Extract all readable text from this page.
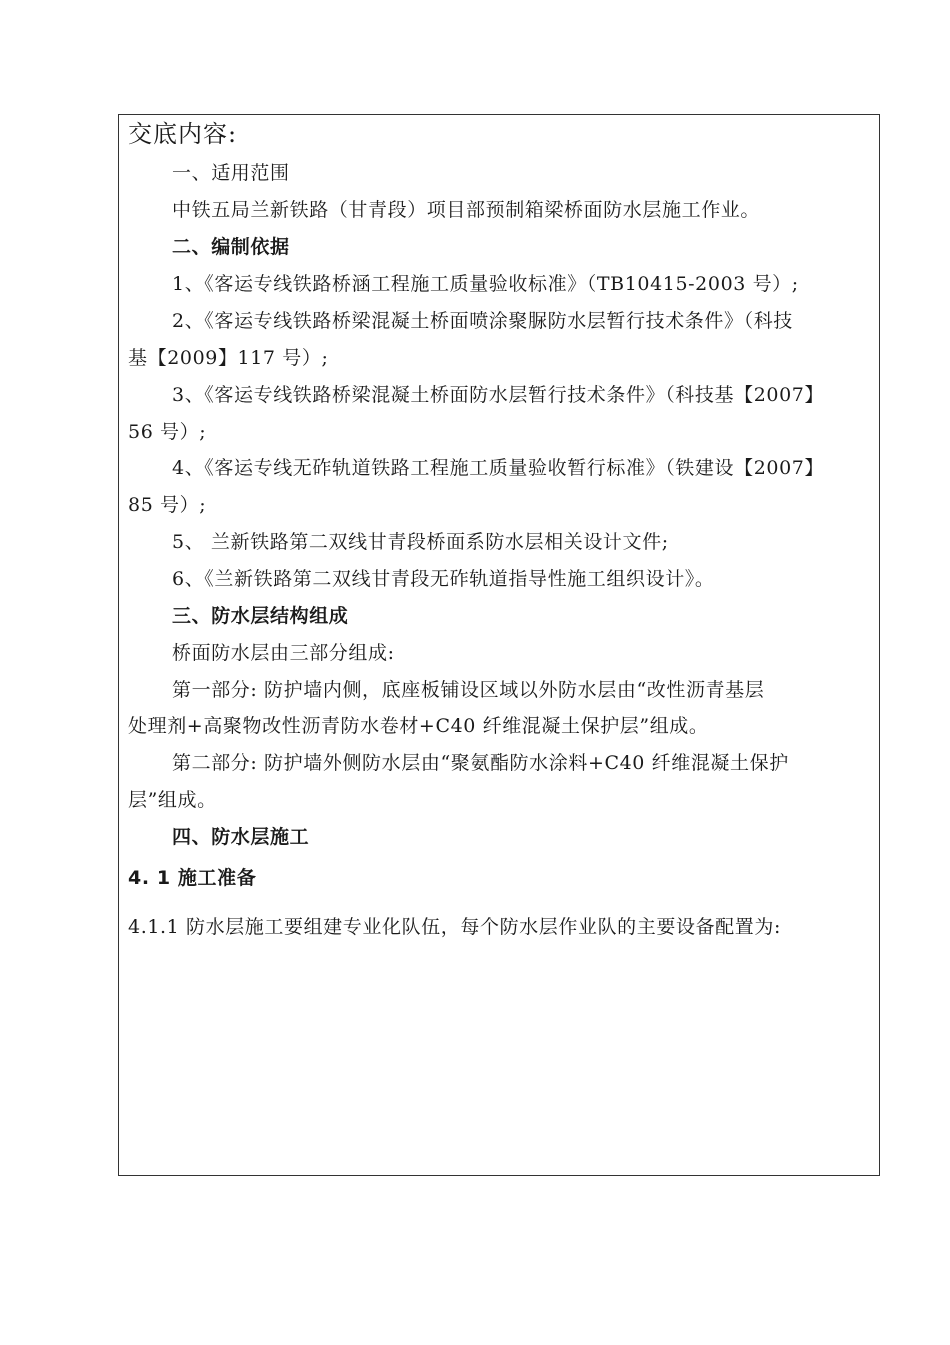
交底内容:
一、适用范围
中铁五局兰新铁路（甘青段）项目部预制箱梁桥面防水层施工作业。
二、编制依据
1、《客运专线铁路桥涵工程施工质量验收标准》（TB10415-2003 号）;
2、《客运专线铁路桥梁混凝土桥面喷涂聚脲防水层暂行技术条件》（科技
基【2009】117 号）;
3、《客运专线铁路桥梁混凝土桥面防水层暂行技术条件》（科技基【2007】
56 号）;
4、《客运专线无砟轨道铁路工程施工质量验收暂行标准》（铁建设【2007】
85 号）;
5、 兰新铁路第二双线甘青段桥面系防水层相关设计文件;
6、《兰新铁路第二双线甘青段无砟轨道指导性施工组织设计》。
三、防水层结构组成
桥面防水层由三部分组成:
第一部分: 防护墙内侧，底座板铺设区域以外防水层由“改性沥青基层
处理剂+高聚物改性沥青防水卷材+C40 纤维混凝土保护层”组成。
第二部分: 防护墙外侧防水层由“聚氨酯防水涂料+C40 纤维混凝土保护
层”组成。
四、防水层施工
4. 1 施工准备
4.1.1 防水层施工要组建专业化队伍，每个防水层作业队的主要设备配置为:
